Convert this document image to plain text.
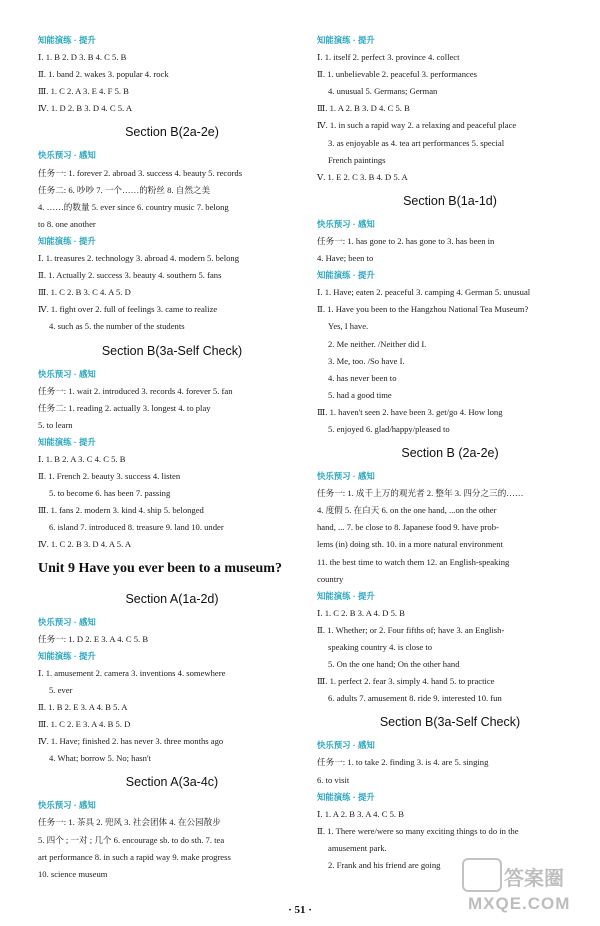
知能演练 · 提升
Ⅰ. 1. B 2. D 3. B 4. C 5. B
Ⅱ. 1. band 2. wakes 3. popular 4. rock
Ⅲ. 1. C 2. A 3. E 4. F 5. B
Ⅳ. 1. D 2. B 3. D 4. C 5. A
Section B(2a-2e)
快乐预习 · 感知
任务一: 1. forever 2. abroad 3. success 4. beauty 5. records
任务二: 6. 吵吵 7. 一个……的粉丝 8. 自然之美
4. ……的数量 5. ever since 6. country music 7. belong
to 8. one another
知能演练 · 提升
Ⅰ. 1. treasures 2. technology 3. abroad 4. modern 5. belong
Ⅱ. 1. Actually 2. success 3. beauty 4. southern 5. fans
Ⅲ. 1. C 2. B 3. C 4. A 5. D
Ⅳ. 1. fight over 2. full of feelings 3. came to realize
4. such as 5. the number of the students
Section B(3a-Self Check)
快乐预习 · 感知
任务一: 1. wait 2. introduced 3. records 4. forever 5. fan
任务二: 1. reading 2. actually 3. longest 4. to play
5. to learn
知能演练 · 提升
Ⅰ. 1. B 2. A 3. C 4. C 5. B
Ⅱ. 1. French 2. beauty 3. success 4. listen
5. to become 6. has been 7. passing
Ⅲ. 1. fans 2. modern 3. kind 4. ship 5. belonged
6. island 7. introduced 8. treasure 9. land 10. under
Ⅳ. 1. C 2. B 3. D 4. A 5. A
Unit 9 Have you ever been to a museum?
Section A(1a-2d)
快乐预习 · 感知
任务一: 1. D 2. E 3. A 4. C 5. B
知能演练 · 提升
Ⅰ. 1. amusement 2. camera 3. inventions 4. somewhere
5. ever
Ⅱ. 1. B 2. E 3. A 4. B 5. A
Ⅲ. 1. C 2. E 3. A 4. B 5. D
Ⅳ. 1. Have; finished 2. has never 3. three months ago
4. What; borrow 5. No; hasn't
Section A(3a-4c)
快乐预习 · 感知
任务一: 1. 茶具 2. 兜风 3. 社会团体 4. 在公园散步
5. 四个 ; 一对 ; 几个 6. encourage sb. to do sth. 7. tea
art performance 8. in such a rapid way 9. make progress
10. science museum
知能演练 · 提升
Ⅰ. 1. itself 2. perfect 3. province 4. collect
Ⅱ. 1. unbelievable 2. peaceful 3. performances
4. unusual 5. Germans; German
Ⅲ. 1. A 2. B 3. D 4. C 5. B
Ⅳ. 1. in such a rapid way 2. a relaxing and peaceful place
3. as enjoyable as 4. tea art performances 5. special
French paintings
Ⅴ. 1. E 2. C 3. B 4. D 5. A
Section B(1a-1d)
快乐预习 · 感知
任务一: 1. has gone to 2. has gone to 3. has been in
4. Have; been to
知能演练 · 提升
Ⅰ. 1. Have; eaten 2. peaceful 3. camping 4. German 5. unusual
Ⅱ. 1. Have you been to the Hangzhou National Tea Museum?
Yes, I have.
2. Me neither. /Neither did I.
3. Me, too. /So have I.
4. has never been to
5. had a good time
Ⅲ. 1. haven't seen 2. have been 3. get/go 4. How long
5. enjoyed 6. glad/happy/pleased to
Section B (2a-2e)
快乐预习 · 感知
任务一: 1. 成千上万的观光者 2. 整年 3. 四分之三的……
4. 度假 5. 在白天 6. on the one hand, ...on the other
hand, ... 7. be close to 8. Japanese food 9. have prob-
lems (in) doing sth. 10. in a more natural environment
11. the best time to watch them 12. an English-speaking
country
知能演练 · 提升
Ⅰ. 1. C 2. B 3. A 4. D 5. B
Ⅱ. 1. Whether; or 2. Four fifths of; have 3. an English-
speaking country 4. is close to
5. On the one hand; On the other hand
Ⅲ. 1. perfect 2. fear 3. simply 4. hand 5. to practice
6. adults 7. amusement 8. ride 9. interested 10. fun
Section B(3a-Self Check)
快乐预习 · 感知
任务一: 1. to take 2. finding 3. is 4. are 5. singing
6. to visit
知能演练 · 提升
Ⅰ. 1. A 2. B 3. A 4. C 5. B
Ⅱ. 1. There were/were so many exciting things to do in the
amusement park.
2. Frank and his friend are going
· 51 ·
答案圈
MXQE.COM
